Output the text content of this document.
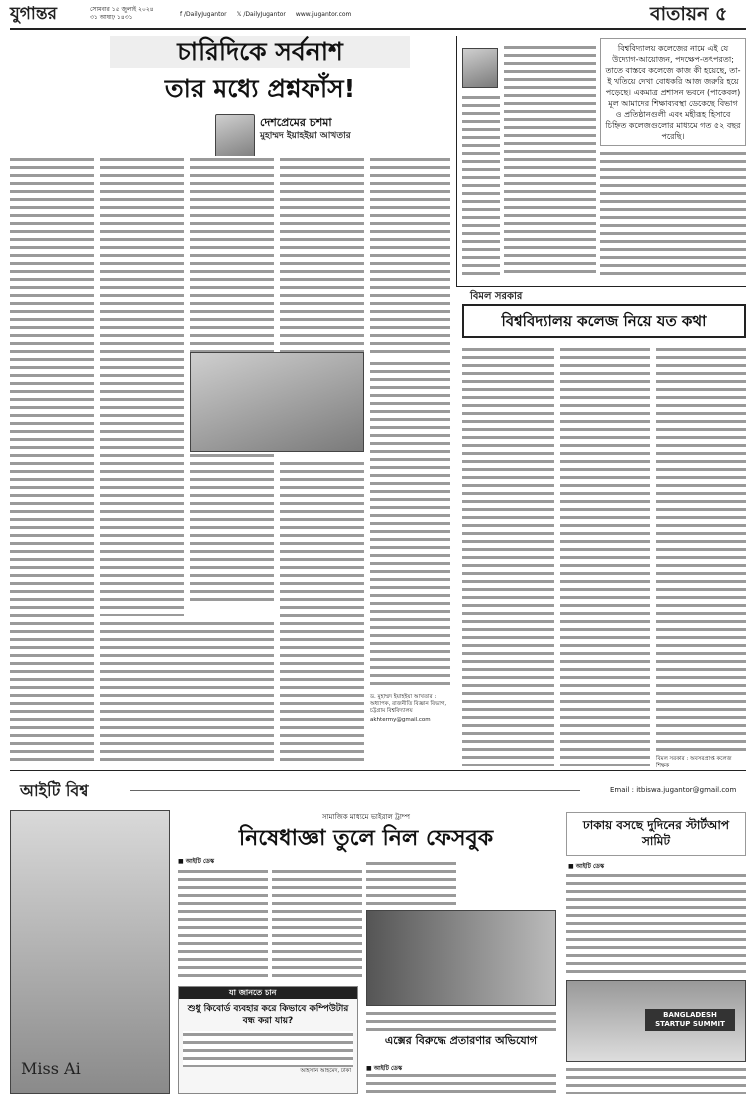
যুগান্তর	সোমবার ১৫ জুলাই ২০২৪
৩১ আষাঢ় ১৪৩১	f /DailyJugantor 𝕏 /DailyJugantor www.jugantor.com	বাতায়ন ৫
চারিদিকে সর্বনাশ
তার মধ্যে প্রশ্নফাঁস!
দেশপ্রেমের চশমা
মুহাম্মদ ইয়াহইয়া আখতার
ড. মুহাম্মদ ইয়াহইয়া আখতার : অধ্যাপক, রাজনীতি বিজ্ঞান বিভাগ, চট্টগ্রাম বিশ্ববিদ্যালয়
akhtermy@gmail.com
বিশ্ববিদ্যালয় কলেজের নামে এই যে উদ্যোগ-আয়োজন, পদক্ষেপ-তৎপরতা; তাতে বাস্তবে কলেজে কাজ কী হয়েছে, তা-ই খতিয়ে দেখা বোধকরি আজ জরুরি হয়ে পড়েছে। একমাত্র প্রশাসন ভবনে (পাকেবল) মূল আমাদের শিক্ষাব্যবস্থা ডেকেছে বিভাগ ও প্রতিষ্ঠানগুলী এবং মহীরূহ হিসাবে চিহ্নিত কলেজগুলোর মাধ্যমে গত ৫২ বছর পরেছি।
বিমল সরকার
বিশ্ববিদ্যালয় কলেজ নিয়ে যত কথা
বিমল সরকার : অবসরপ্রাপ্ত কলেজ শিক্ষক
আইটি বিশ্ব	Email : itbiswa.jugantor@gmail.com
Miss Ai
সামাজিক মাধ্যমে ভাইরাল ট্রাম্প
নিষেধাজ্ঞা তুলে নিল ফেসবুক
■ আইটি ডেস্ক
যা জানতে চান
শুধু কিবোর্ড ব্যবহার করে কিভাবে কম্পিউটার বন্ধ করা যায়?
আহসান আহমেদ, ঢাকা
এক্সের বিরুদ্ধে প্রতারণার অভিযোগ
■ আইটি ডেস্ক
ঢাকায় বসছে দুদিনের স্টার্টআপ সামিট
■ আইটি ডেস্ক
BANGLADESH STARTUP SUMMIT
